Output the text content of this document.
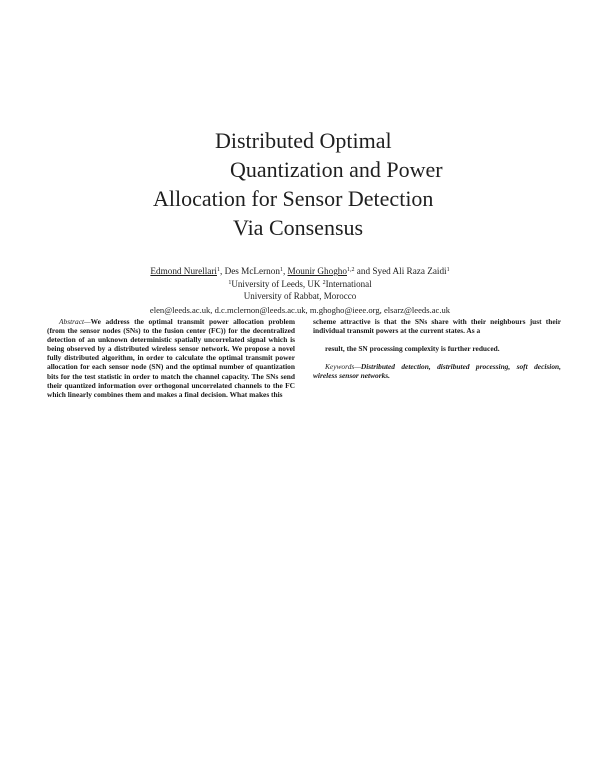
Distributed Optimal
Quantization and Power
Allocation for Sensor Detection
Via Consensus
Edmond Nurellari$^1$, Des McLernon$^1$, Mounir Ghogho$^{1,2}$ and Syed Ali Raza Zaidi$^1$
$^1$University of Leeds, UK $^2$International
University of Rabbat, Morocco
elen@leeds.ac.uk, d.c.mclernon@leeds.ac.uk, m.ghogho@ieee.org, elsarz@leeds.ac.uk

Abstract—We address the optimal transmit power allocation problem (from the sensor nodes (SNs) to the fusion center (FC)) for the decentralized detection of an unknown deterministic spatially uncorrelated signal which is being observed by a distributed wireless sensor network. We propose a novel fully distributed algorithm, in order to calculate the optimal transmit power allocation for each sensor node (SN) and the optimal number of quantization bits for the test statistic in order to match the channel capacity. The SNs send their quantized information over orthogonal uncorrelated channels to the FC which linearly combines them and makes a final decision. What makes this

scheme attractive is that the SNs share with their neighbours just their individual transmit powers at the current states. As a

result, the SN processing complexity is further reduced.

Keywords—Distributed detection, distributed processing, soft decision, wireless sensor networks.
